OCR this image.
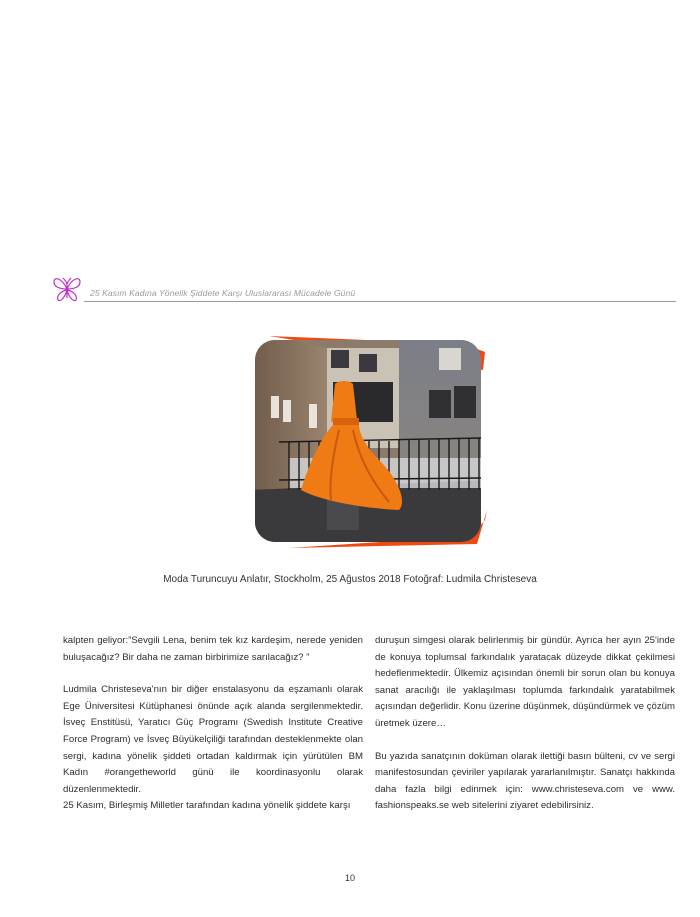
25 Kasım Kadına Yönelik Şiddete Karşı Uluslararası Mücadele Günü
Moda Turuncuyu Anlatır, Stockholm, 25 Ağustos 2018 Fotoğraf: Ludmila Christeseva

kalpten geliyor:”Sevgili Lena, benim tek kız kardeşim, nerede yeniden buluşacağız? Bir daha ne zaman birbirimize sarılacağız? ”

Ludmila Christeseva'nın bir diğer enstalasyonu da eşzamanlı olarak Ege Üniversitesi Kütüphanesi önünde açık alanda sergilenmektedir. İsveç Enstitüsü, Yaratıcı Güç Programı (Swedish Institute Creative Force Program) ve İsveç Büyükelçiliği tarafından desteklenmekte olan sergi, kadına yönelik şiddeti ortadan kaldırmak için yürütülen BM Kadın #orangetheworld günü ile koordinasyonlu olarak düzenlenmektedir.

25 Kasım, Birleşmiş Milletler tarafından kadına yönelik şiddete karşı

duruşun simgesi olarak belirlenmiş bir gündür. Ayrıca her ayın 25'inde de konuya toplumsal farkındalık yaratacak düzeyde dikkat çekilmesi hedeflenmektedir. Ülkemiz açısından önemli bir sorun olan bu konuya sanat aracılığı ile yaklaşılması toplumda farkındalık yaratabilmek açısından değerlidir. Konu üzerine düşünmek, düşündürmek ve çözüm üretmek üzere…

Bu yazıda sanatçının doküman olarak ilettiği basın bülteni, cv ve sergi manifestosundan çeviriler yapılarak yararlanılmıştır. Sanatçı hakkında daha fazla bilgi edinmek için: www.christeseva.com ve www. fashionspeaks.se web sitelerini ziyaret edebilirsiniz.

10
